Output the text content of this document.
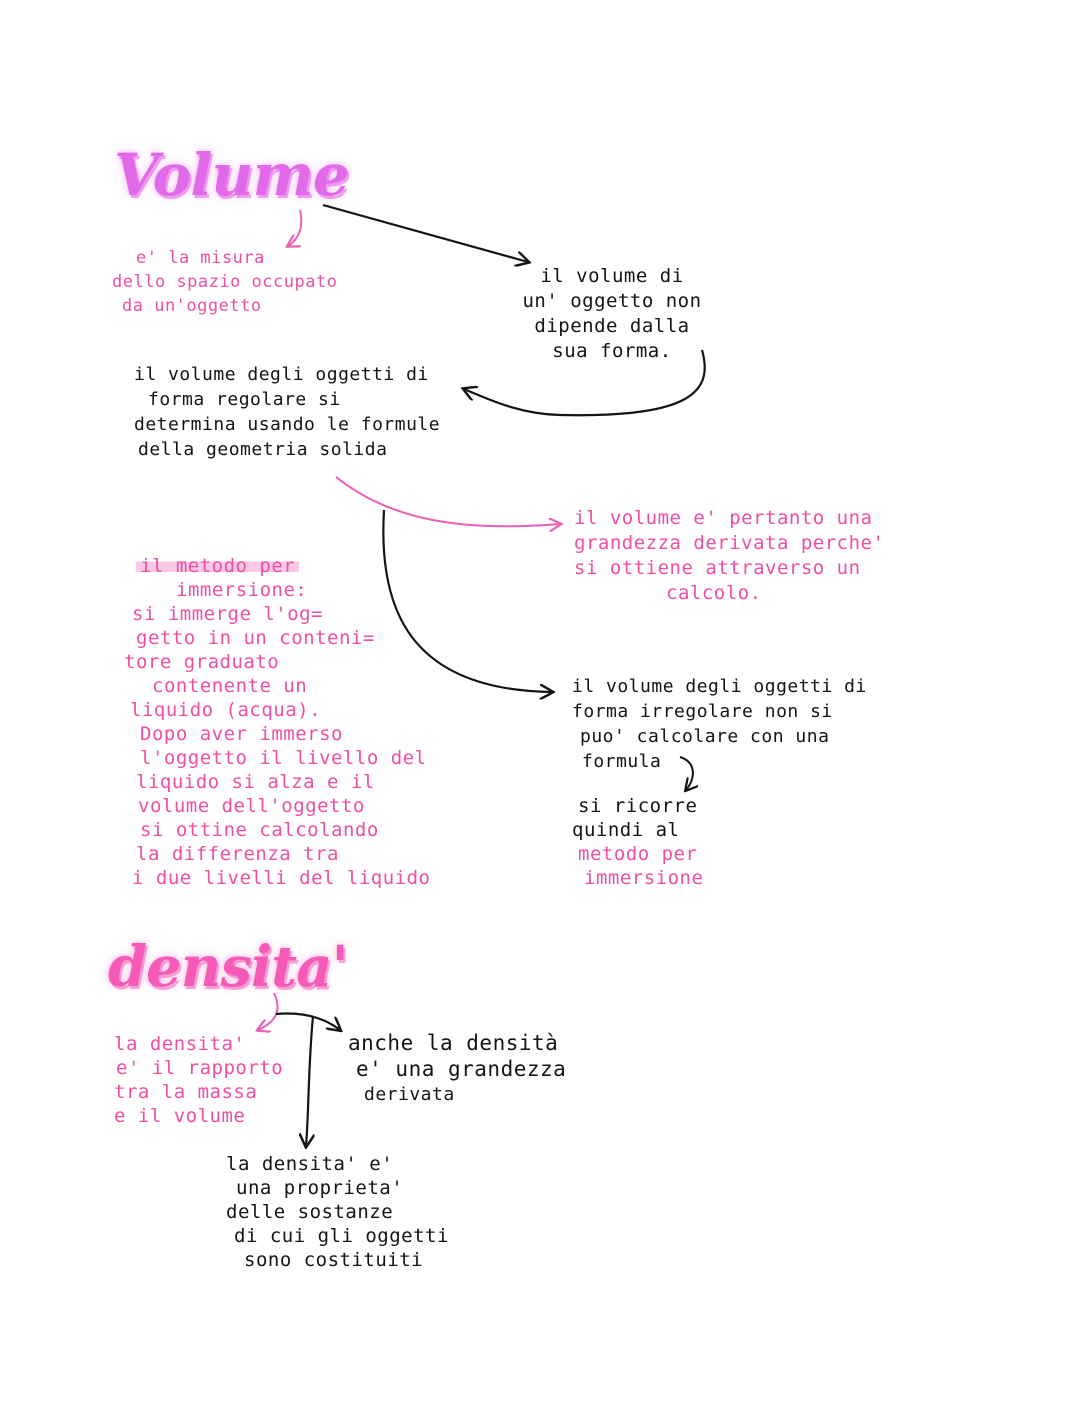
Volume

e' la misura
dello spazio occupato
da un'oggetto

il volume di
un' oggetto non
dipende dalla
sua forma.

il volume degli oggetti di
forma regolare si
determina usando le formule
della geometria solida

il volume e' pertanto una
grandezza derivata perche'
si ottiene attraverso un
calcolo.

il metodo per
immersione:
si immerge l'og=
getto in un conteni=
tore graduato
contenente un
liquido (acqua).
Dopo aver immerso
l'oggetto il livello del
liquido si alza e il
volume dell'oggetto
si ottine calcolando
la differenza tra
i due livelli del liquido

il volume degli oggetti di
forma irregolare non si
puo' calcolare con una
formula

si ricorre
quindi al
metodo per
immersione

densita'

la densita'
e' il rapporto
tra la massa
e il volume

anche la densità
e' una grandezza
derivata

la densita' e'
una proprieta'
delle sostanze
di cui gli oggetti
sono costituiti
